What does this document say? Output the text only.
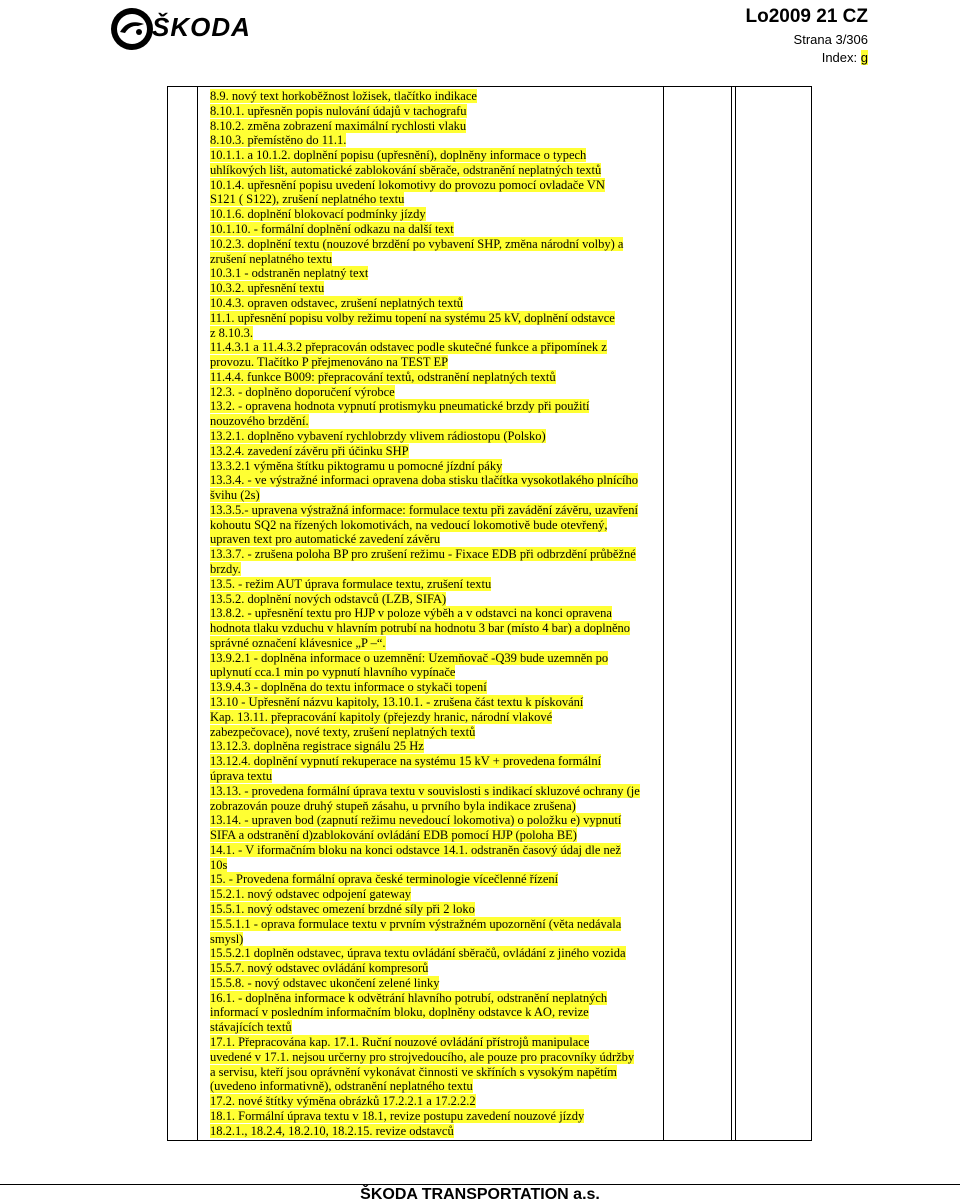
ŠKODA	Lo2009 21 CZ
Strana 3/306
Index: g
8.9. nový text horkoběžnost ložisek, tlačítko indikace
8.10.1. upřesněn popis nulování údajů v tachografu
8.10.2. změna zobrazení maximální rychlosti vlaku
8.10.3. přemístěno do 11.1.
10.1.1. a 10.1.2. doplnění popisu (upřesnění), doplněny informace o typech
uhlíkových lišt, automatické zablokování sběrače, odstranění neplatných textů
10.1.4. upřesnění popisu uvedení lokomotivy do provozu pomocí ovladače VN
S121 ( S122), zrušení neplatného textu
10.1.6. doplnění blokovací podmínky jízdy
10.1.10. - formální doplnění odkazu na další text
10.2.3. doplnění textu (nouzové brzdění po vybavení SHP, změna národní volby) a
zrušení neplatného textu
10.3.1 - odstraněn neplatný text
10.3.2. upřesnění textu
10.4.3. opraven odstavec, zrušení neplatných textů
11.1. upřesnění popisu volby režimu topení na systému 25 kV, doplnění odstavce
z 8.10.3.
11.4.3.1 a 11.4.3.2 přepracován odstavec podle skutečné funkce a připomínek z
provozu. Tlačítko P přejmenováno na TEST EP
11.4.4. funkce B009: přepracování textů, odstranění neplatných textů
12.3. - doplněno doporučení výrobce
13.2. - opravena hodnota vypnutí protismyku pneumatické brzdy při použití
nouzového brzdění.
13.2.1. doplněno vybavení rychlobrzdy vlivem rádiostopu (Polsko)
13.2.4. zavedení závěru při účinku SHP
13.3.2.1 výměna štítku piktogramu u pomocné jízdní páky
13.3.4. - ve výstražné informaci opravena doba stisku tlačítka vysokotlakého plnícího
švihu (2s)
13.3.5.- upravena výstražná informace: formulace textu při zavádění závěru, uzavření
kohoutu SQ2 na řízených lokomotivách, na vedoucí lokomotivě bude otevřený,
upraven text pro automatické zavedení závěru
13.3.7. - zrušena poloha BP pro zrušení režimu - Fixace EDB při odbrzdění průběžné
brzdy.
13.5. - režim AUT úprava formulace textu, zrušení textu
13.5.2. doplnění nových odstavců (LZB, SIFA)
13.8.2. - upřesnění textu pro HJP v poloze výběh a v odstavci na konci opravena
hodnota tlaku vzduchu v hlavním potrubí na hodnotu 3 bar (místo 4 bar) a doplněno
správné označení klávesnice „P –“.
13.9.2.1 - doplněna informace o uzemnění: Uzemňovač -Q39 bude uzemněn po
uplynutí cca.1 min po vypnutí hlavního vypínače
13.9.4.3 - doplněna do textu informace o stykači topení
13.10 - Upřesnění názvu kapitoly, 13.10.1. - zrušena část textu k pískování
Kap. 13.11. přepracování kapitoly (přejezdy hranic, národní vlakové
zabezpečovace), nové texty, zrušení neplatných textů
13.12.3. doplněna registrace signálu 25 Hz
13.12.4. doplnění vypnutí rekuperace na systému 15 kV + provedena formální
úprava textu
13.13. - provedena formální úprava textu v souvislosti s indikací skluzové ochrany (je
zobrazován pouze druhý stupeň zásahu, u prvního byla indikace zrušena)
13.14. - upraven bod (zapnutí režimu nevedoucí lokomotiva) o položku e) vypnutí
SIFA a odstranění d)zablokování ovládání EDB pomocí HJP (poloha BE)
14.1. - V iformačním bloku na konci odstavce 14.1. odstraněn časový údaj dle než
10s
15. - Provedena formální oprava české terminologie vícečlenné řízení
15.2.1. nový odstavec odpojení gateway
15.5.1. nový odstavec omezení brzdné síly při 2 loko
15.5.1.1 - oprava formulace textu v prvním výstražném upozornění (věta nedávala
smysl)
15.5.2.1 doplněn odstavec, úprava textu ovládání sběračů, ovládání z jiného vozida
15.5.7. nový odstavec ovládání kompresorů
15.5.8. - nový odstavec ukončení zelené linky
16.1. - doplněna informace k odvětrání hlavního potrubí, odstranění neplatných
informací v posledním informačním bloku, doplněny odstavce k AO, revize
stávajících textů
17.1. Přepracována kap. 17.1. Ruční nouzové ovládání přístrojů manipulace
uvedené v 17.1. nejsou určerny pro strojvedoucího, ale pouze pro pracovníky údržby
a servisu, kteří jsou oprávnění vykonávat činnosti ve skříních s vysokým napětím
(uvedeno informativně), odstranění neplatného textu
17.2. nové štítky výměna obrázků 17.2.2.1 a 17.2.2.2
18.1. Formální úprava textu v 18.1, revize postupu zavedení nouzové jízdy
18.2.1., 18.2.4, 18.2.10, 18.2.15. revize odstavců
ŠKODA TRANSPORTATION a.s.
